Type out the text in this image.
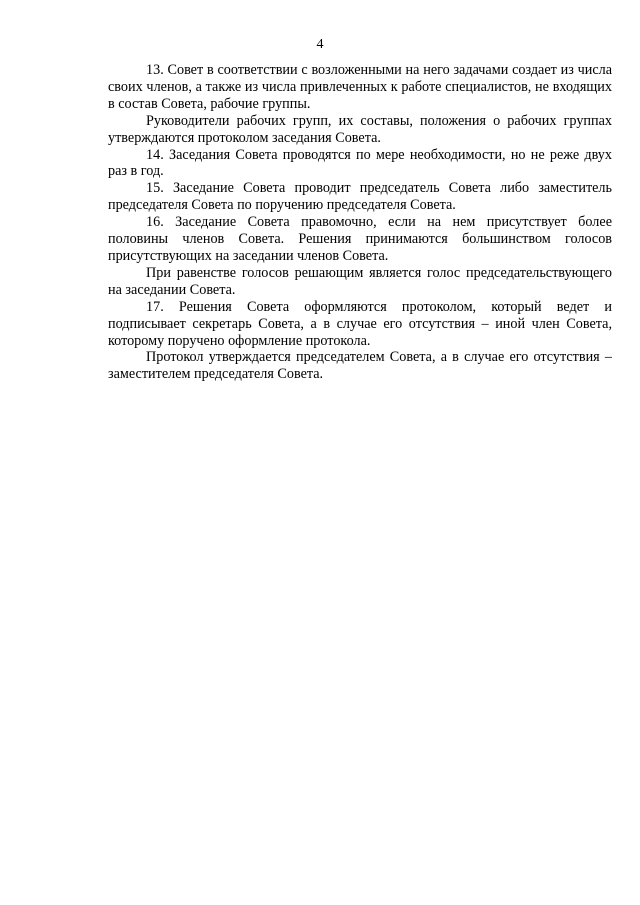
4

13. Совет в соответствии с возложенными на него задачами создает из числа своих членов, а также из числа привлеченных к работе специалистов, не входящих в состав Совета, рабочие группы.

Руководители рабочих групп, их составы, положения о рабочих группах утверждаются протоколом заседания Совета.

14. Заседания Совета проводятся по мере необходимости, но не реже двух раз в год.

15. Заседание Совета проводит председатель Совета либо заместитель председателя Совета по поручению председателя Совета.

16. Заседание Совета правомочно, если на нем присутствует более половины членов Совета. Решения принимаются большинством голосов присутствующих на заседании членов Совета.

При равенстве голосов решающим является голос председательствующего на заседании Совета.

17. Решения Совета оформляются протоколом, который ведет и подписывает секретарь Совета, а в случае его отсутствия – иной член Совета, которому поручено оформление протокола.

Протокол утверждается председателем Совета, а в случае его отсутствия – заместителем председателя Совета.
